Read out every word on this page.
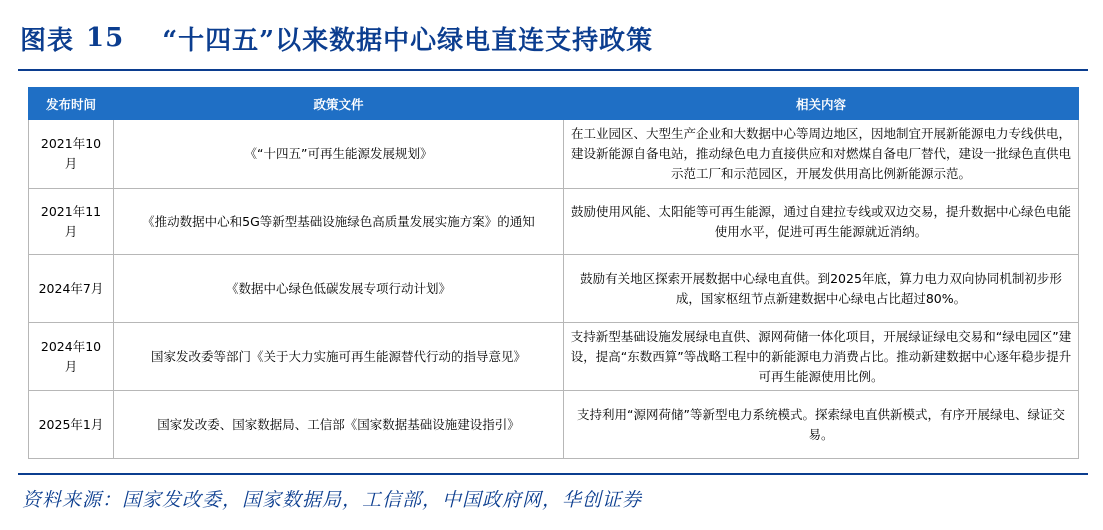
图表 15 “十四五”以来数据中心绿电直连支持政策
发布时间	政策文件	相关内容
2021年10月	《“十四五”可再生能源发展规划》	在工业园区、大型生产企业和大数据中心等周边地区，因地制宜开展新能源电力专线供电，建设新能源自备电站，推动绿色电力直接供应和对燃煤自备电厂替代，建设一批绿色直供电示范工厂和示范园区，开展发供用高比例新能源示范。
2021年11月	《推动数据中心和5G等新型基础设施绿色高质量发展实施方案》的通知	鼓励使用风能、太阳能等可再生能源，通过自建拉专线或双边交易，提升数据中心绿色电能使用水平，促进可再生能源就近消纳。
2024年7月	《数据中心绿色低碳发展专项行动计划》	鼓励有关地区探索开展数据中心绿电直供。到2025年底，算力电力双向协同机制初步形成，国家枢纽节点新建数据中心绿电占比超过80%。
2024年10月	国家发改委等部门《关于大力实施可再生能源替代行动的指导意见》	支持新型基础设施发展绿电直供、源网荷储一体化项目，开展绿证绿电交易和“绿电园区”建设，提高“东数西算”等战略工程中的新能源电力消费占比。推动新建数据中心逐年稳步提升可再生能源使用比例。
2025年1月	国家发改委、国家数据局、工信部《国家数据基础设施建设指引》	支持利用“源网荷储”等新型电力系统模式。探索绿电直供新模式，有序开展绿电、绿证交易。
资料来源：国家发改委，国家数据局，工信部，中国政府网，华创证券
